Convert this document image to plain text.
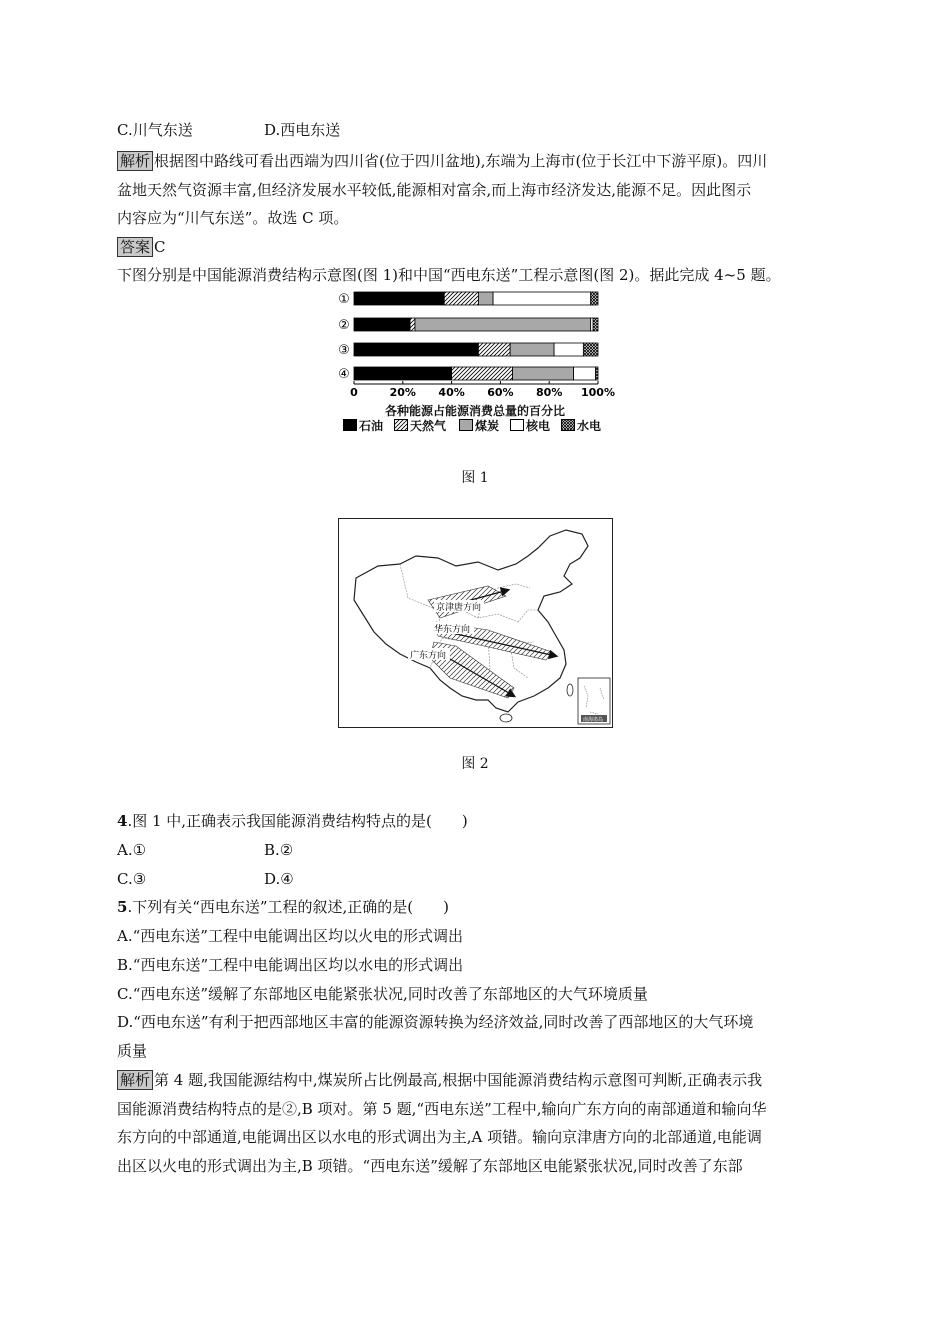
C.川气东送	D.西电东送
解析 根据图中路线可看出西端为四川省(位于四川盆地),东端为上海市(位于长江中下游平原)。四川
盆地天然气资源丰富,但经济发展水平较低,能源相对富余,而上海市经济发达,能源不足。因此图示
内容应为“川气东送”。故选 C 项。
答案 C
下图分别是中国能源消费结构示意图(图 1)和中国“西电东送”工程示意图(图 2)。据此完成 4~5 题。
①
②
③
④
0	20% 40% 60% 80% 100%
各种能源占能源消费总量的百分比
石油	天然气	煤炭	核电	水电
图 1
京津唐方向
华东方向
广东方向
南海诸岛
图 2
4.图 1 中,正确表示我国能源消费结构特点的是(　　)
A.①	B.②
C.③	D.④
5.下列有关“西电东送”工程的叙述,正确的是(　　)
A.“西电东送”工程中电能调出区均以火电的形式调出
B.“西电东送”工程中电能调出区均以水电的形式调出
C.“西电东送”缓解了东部地区电能紧张状况,同时改善了东部地区的大气环境质量
D.“西电东送”有利于把西部地区丰富的能源资源转换为经济效益,同时改善了西部地区的大气环境
质量
解析 第 4 题,我国能源结构中,煤炭所占比例最高,根据中国能源消费结构示意图可判断,正确表示我
国能源消费结构特点的是②,B 项对。第 5 题,“西电东送”工程中,输向广东方向的南部通道和输向华
东方向的中部通道,电能调出区以水电的形式调出为主,A 项错。输向京津唐方向的北部通道,电能调
出区以火电的形式调出为主,B 项错。“西电东送”缓解了东部地区电能紧张状况,同时改善了东部
